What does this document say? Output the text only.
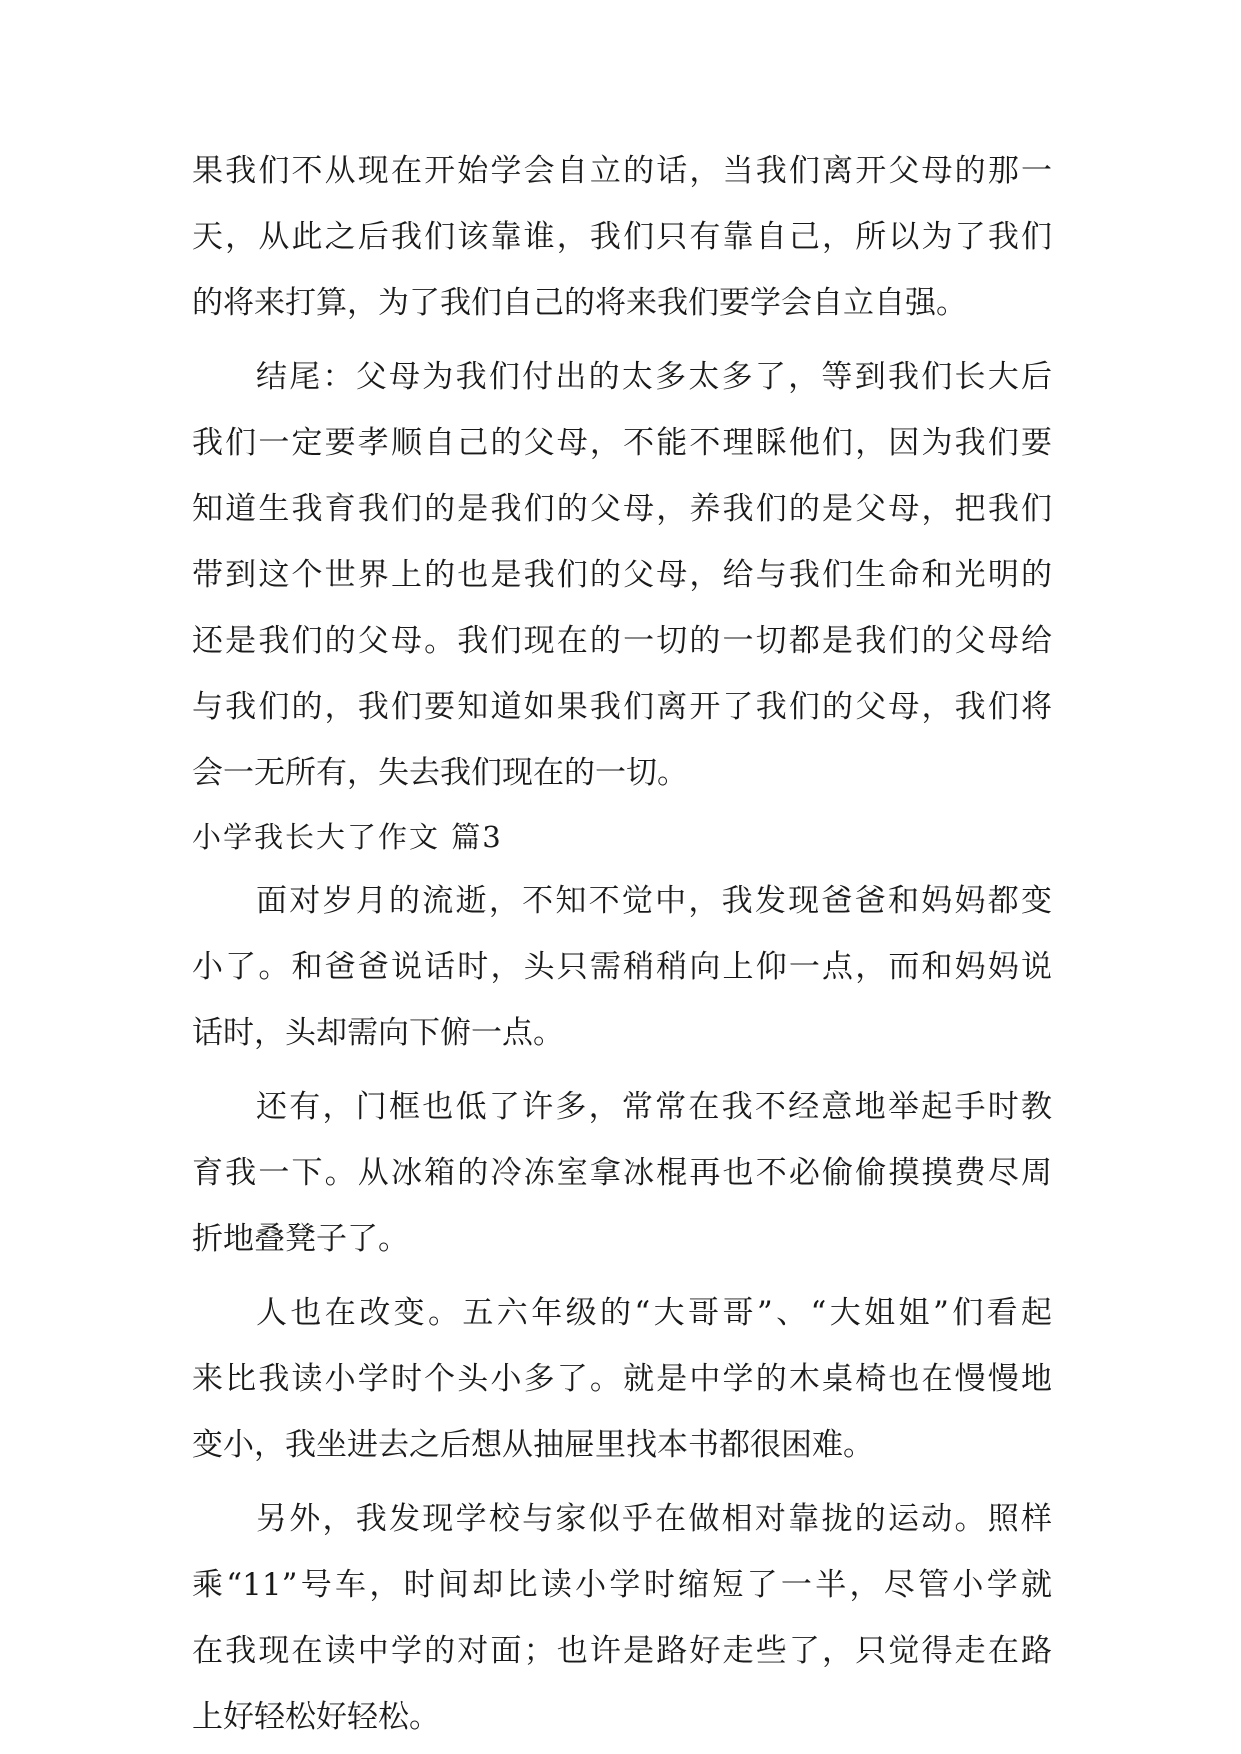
果我们不从现在开始学会自立的话，当我们离开父母的那一
天，从此之后我们该靠谁，我们只有靠自己，所以为了我们
的将来打算，为了我们自己的将来我们要学会自立自强。
结尾：父母为我们付出的太多太多了，等到我们长大后
我们一定要孝顺自己的父母，不能不理睬他们，因为我们要
知道生我育我们的是我们的父母，养我们的是父母，把我们
带到这个世界上的也是我们的父母，给与我们生命和光明的
还是我们的父母。我们现在的一切的一切都是我们的父母给
与我们的，我们要知道如果我们离开了我们的父母，我们将
会一无所有，失去我们现在的一切。
小学我长大了作文 篇3
面对岁月的流逝，不知不觉中，我发现爸爸和妈妈都变
小了。和爸爸说话时，头只需稍稍向上仰一点，而和妈妈说
话时，头却需向下俯一点。
还有，门框也低了许多，常常在我不经意地举起手时教
育我一下。从冰箱的冷冻室拿冰棍再也不必偷偷摸摸费尽周
折地叠凳子了。
人也在改变。五六年级的“大哥哥”、“大姐姐”们看起
来比我读小学时个头小多了。就是中学的木桌椅也在慢慢地
变小，我坐进去之后想从抽屉里找本书都很困难。
另外，我发现学校与家似乎在做相对靠拢的运动。照样
乘“11”号车，时间却比读小学时缩短了一半，尽管小学就
在我现在读中学的对面；也许是路好走些了，只觉得走在路
上好轻松好轻松。
